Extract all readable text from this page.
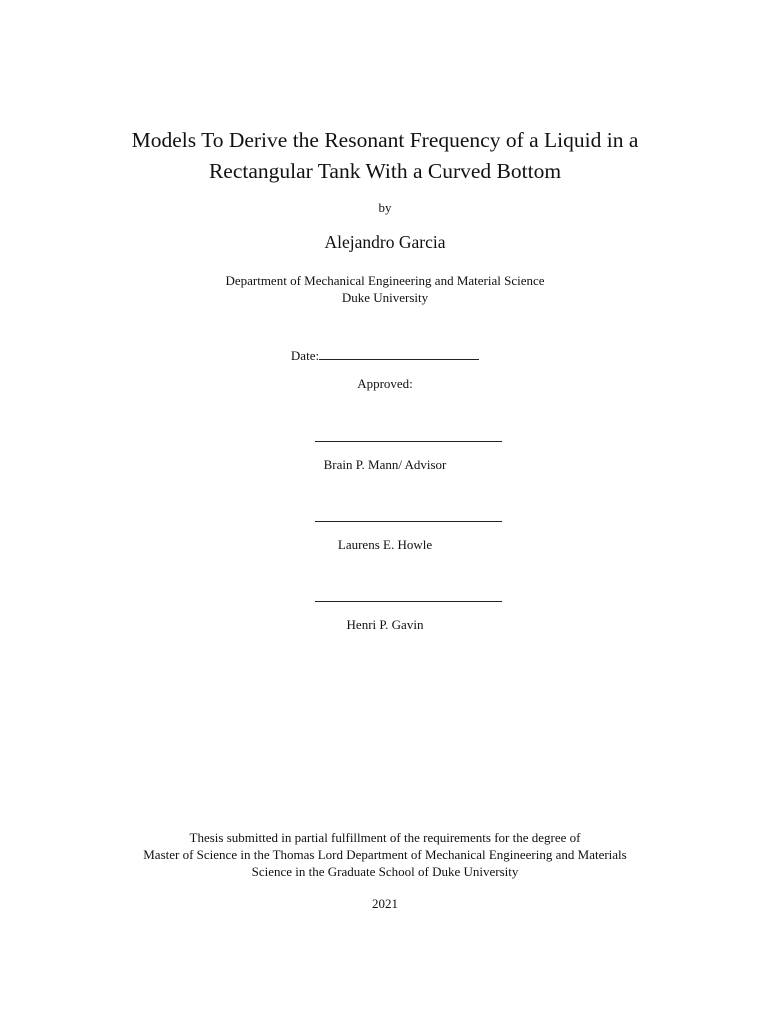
Models To Derive the Resonant Frequency of a Liquid in a
Rectangular Tank With a Curved Bottom
by
Alejandro Garcia
Department of Mechanical Engineering and Material Science
Duke University
Date:
Approved:
Brain P. Mann/ Advisor
Laurens E. Howle
Henri P. Gavin
Thesis submitted in partial fulfillment of the requirements for the degree of
Master of Science in the Thomas Lord Department of Mechanical Engineering and Materials
Science in the Graduate School of Duke University
2021
